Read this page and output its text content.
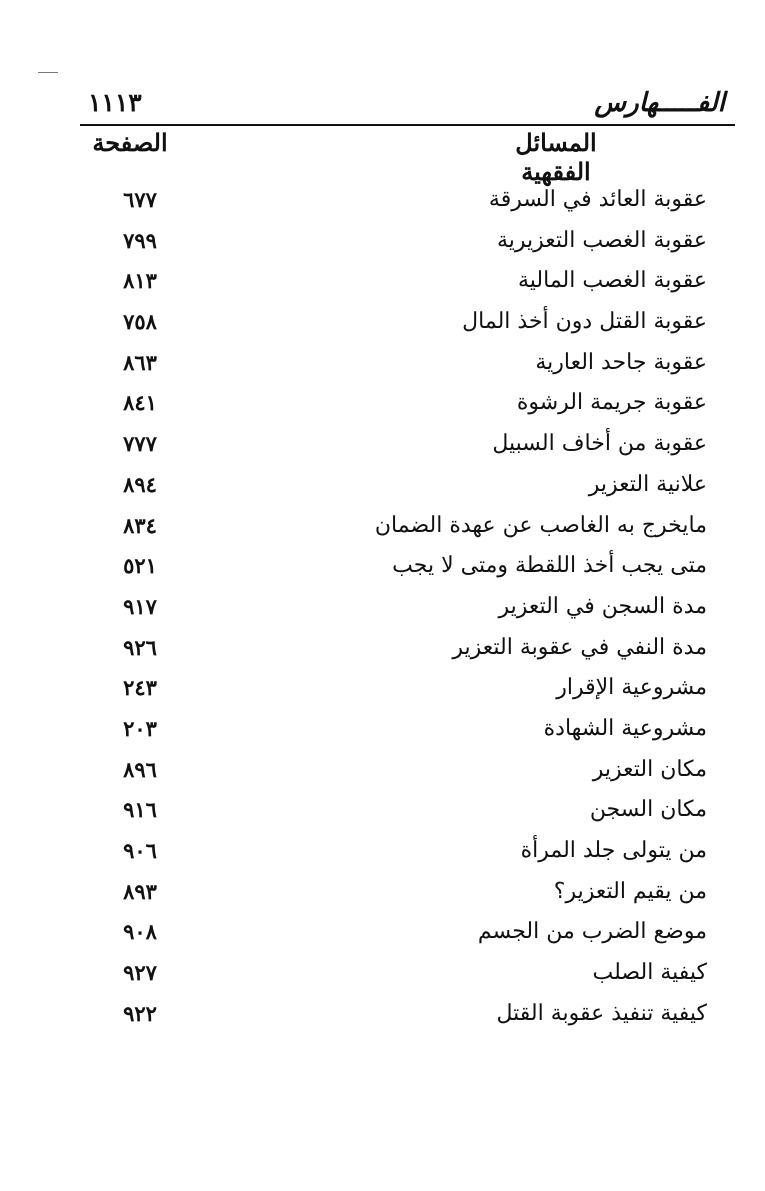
الفـــــهارس
١١١٣
المسائل الفقهية
الصفحة
عقوبة العائد في السرقة
٦٧٧
عقوبة الغصب التعزيرية
٧٩٩
عقوبة الغصب المالية
٨١٣
عقوبة القتل دون أخذ المال
٧٥٨
عقوبة جاحد العارية
٨٦٣
عقوبة جريمة الرشوة
٨٤١
عقوبة من أخاف السبيل
٧٧٧
علانية التعزير
٨٩٤
مايخرج به الغاصب عن عهدة الضمان
٨٣٤
متى يجب أخذ اللقطة ومتى لا يجب
٥٢١
مدة السجن في التعزير
٩١٧
مدة النفي في عقوبة التعزير
٩٢٦
مشروعية الإقرار
٢٤٣
مشروعية الشهادة
٢٠٣
مكان التعزير
٨٩٦
مكان السجن
٩١٦
من يتولى جلد المرأة
٩٠٦
من يقيم التعزير؟
٨٩٣
موضع الضرب من الجسم
٩٠٨
كيفية الصلب
٩٢٧
كيفية تنفيذ عقوبة القتل
٩٢٢
